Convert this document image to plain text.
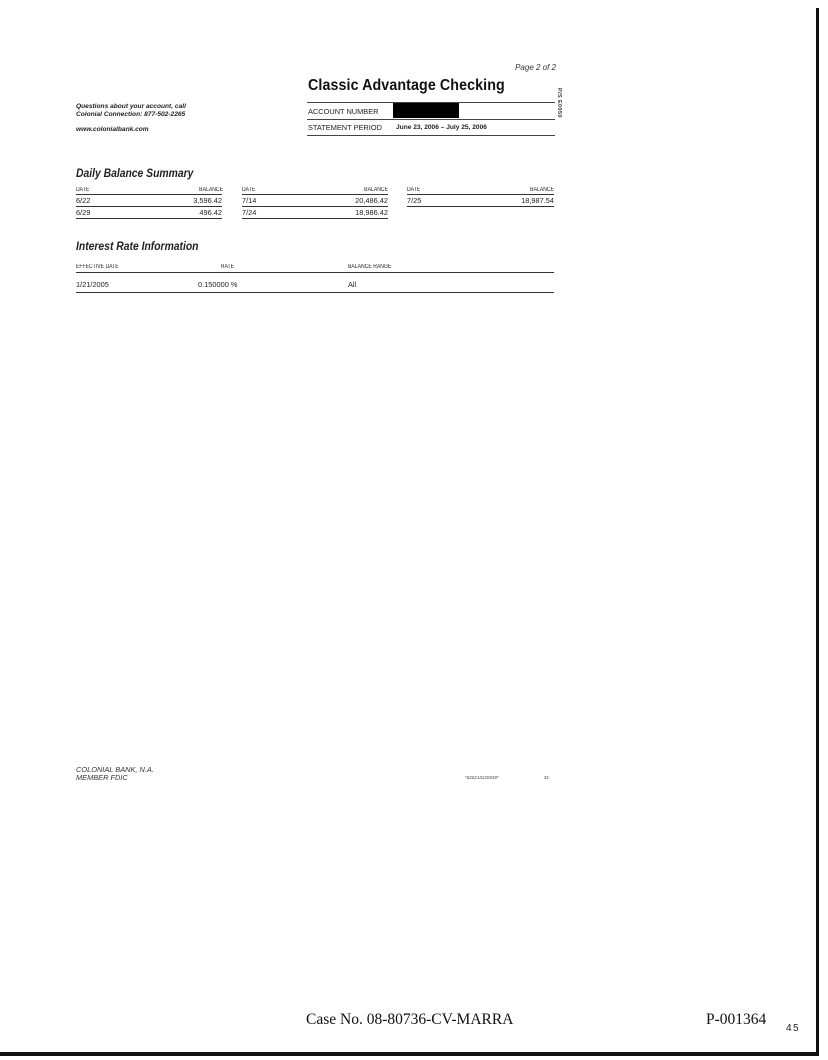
Page 2 of 2
Classic Advantage Checking
P/S E0050
Questions about your account, call
Colonial Connection: 877-502-2265
www.colonialbank.com
ACCOUNT NUMBER
STATEMENT PERIOD June 23, 2006 – July 25, 2006
Daily Balance Summary
DATE	BALANCE
6/22	3,596.42
6/29	496.42
DATE	BALANCE
7/14	20,486.42
7/24	18,986.42
DATE	BALANCE
7/25	18,987.54
Interest Rate Information
EFFECTIVE DATE	RATE	BALANCE RANGE
1/21/2005	0.150000 %	All
COLONIAL BANK, N.A.
MEMBER FDIC	*020210220030*	32
Case No. 08-80736-CV-MARRA	P-001364
45
